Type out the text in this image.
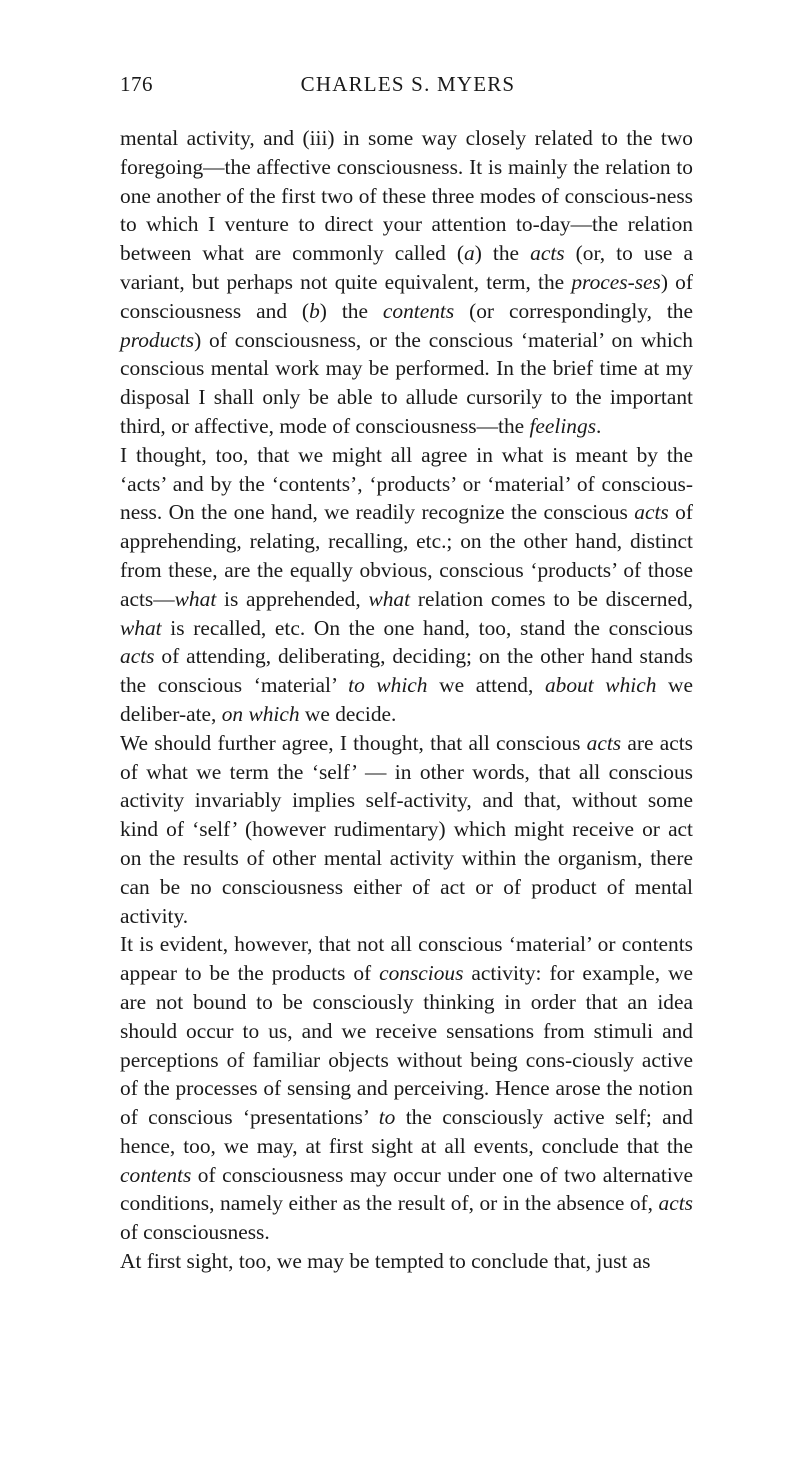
176	CHARLES S. MYERS

mental activity, and (iii) in some way closely related to the two foregoing—the affective consciousness. It is mainly the relation to one another of the first two of these three modes of conscious-ness to which I venture to direct your attention to-day—the relation between what are commonly called (a) the acts (or, to use a variant, but perhaps not quite equivalent, term, the proces-ses) of consciousness and (b) the contents (or correspondingly, the products) of consciousness, or the conscious ‘material’ on which conscious mental work may be performed. In the brief time at my disposal I shall only be able to allude cursorily to the important third, or affective, mode of consciousness—the feelings.

I thought, too, that we might all agree in what is meant by the ‘acts’ and by the ‘contents’, ‘products’ or ‘material’ of conscious-ness. On the one hand, we readily recognize the conscious acts of apprehending, relating, recalling, etc.; on the other hand, distinct from these, are the equally obvious, conscious ‘products’ of those acts—what is apprehended, what relation comes to be discerned, what is recalled, etc. On the one hand, too, stand the conscious acts of attending, deliberating, deciding; on the other hand stands the conscious ‘material’ to which we attend, about which we deliber-ate, on which we decide.

We should further agree, I thought, that all conscious acts are acts of what we term the ‘self’ — in other words, that all conscious activity invariably implies self-activity, and that, without some kind of ‘self’ (however rudimentary) which might receive or act on the results of other mental activity within the organism, there can be no consciousness either of act or of product of mental activity.

It is evident, however, that not all conscious ‘material’ or contents appear to be the products of conscious activity: for example, we are not bound to be consciously thinking in order that an idea should occur to us, and we receive sensations from stimuli and perceptions of familiar objects without being cons-ciously active of the processes of sensing and perceiving. Hence arose the notion of conscious ‘presentations’ to the consciously active self; and hence, too, we may, at first sight at all events, conclude that the contents of consciousness may occur under one of two alternative conditions, namely either as the result of, or in the absence of, acts of consciousness.

At first sight, too, we may be tempted to conclude that, just as
